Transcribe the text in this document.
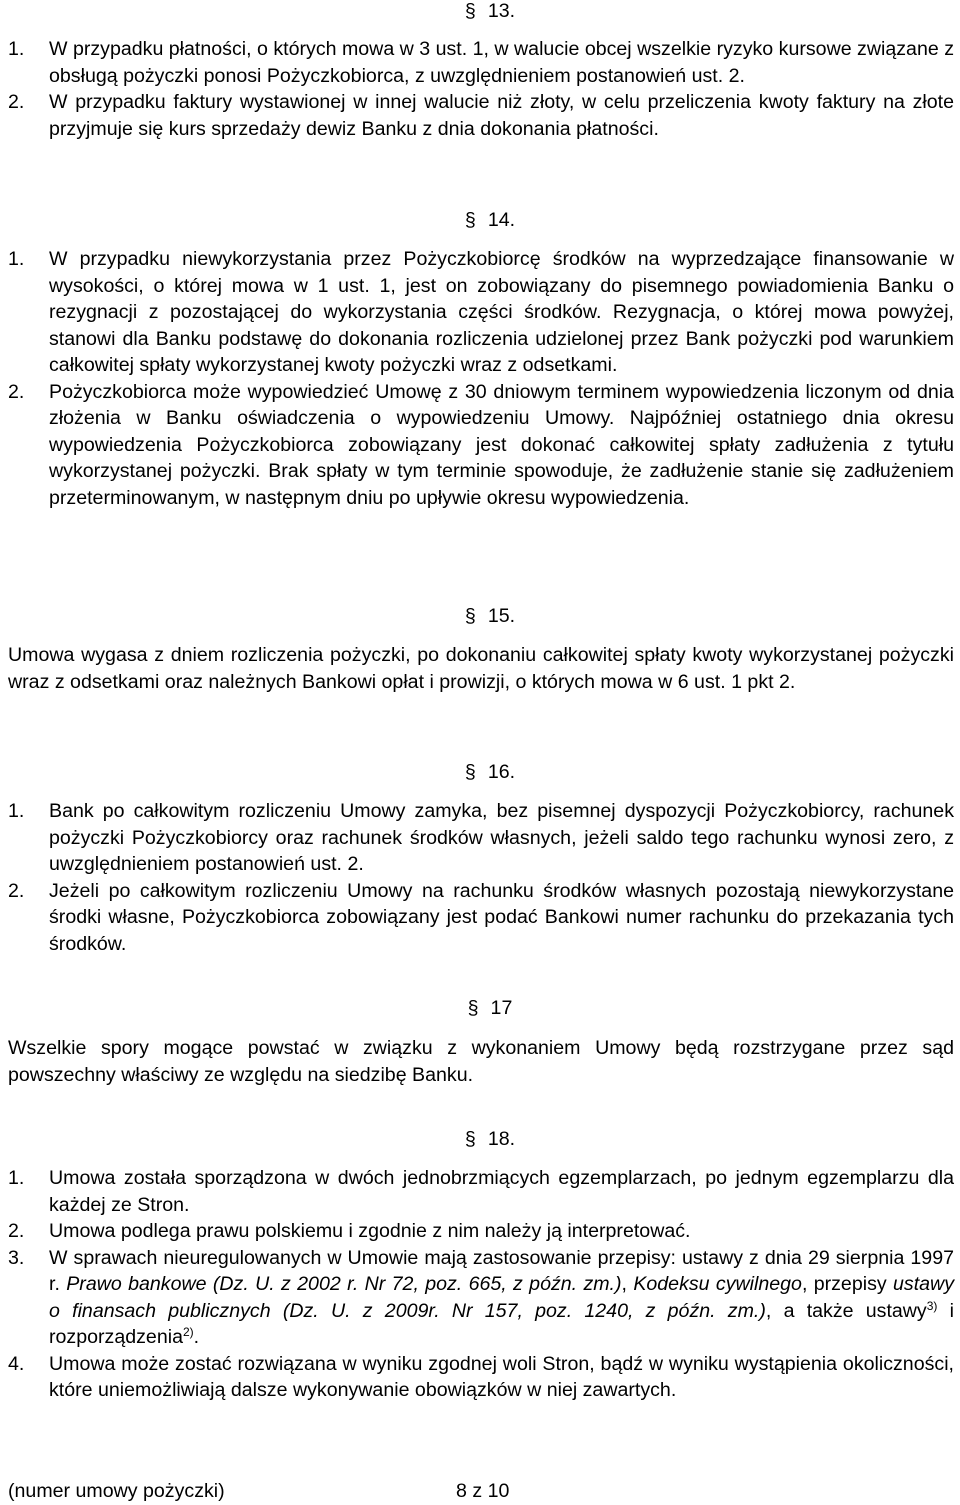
§ 13.
1. W przypadku płatności, o których mowa w 3 ust. 1, w walucie obcej wszelkie ryzyko kursowe związane z obsługą pożyczki ponosi Pożyczkobiorca, z uwzględnieniem postanowień ust. 2.
2. W przypadku faktury wystawionej w innej walucie niż złoty, w celu przeliczenia kwoty faktury na złote przyjmuje się kurs sprzedaży dewiz Banku z dnia dokonania płatności.
§ 14.
1. W przypadku niewykorzystania przez Pożyczkobiorcę środków na wyprzedzające finansowanie w wysokości, o której mowa w 1 ust. 1, jest on zobowiązany do pisemnego powiadomienia Banku o rezygnacji z pozostającej do wykorzystania części środków. Rezygnacja, o której mowa powyżej, stanowi dla Banku podstawę do dokonania rozliczenia udzielonej przez Bank pożyczki pod warunkiem całkowitej spłaty wykorzystanej kwoty pożyczki wraz z odsetkami.
2. Pożyczkobiorca może wypowiedzieć Umowę z 30 dniowym terminem wypowiedzenia liczonym od dnia złożenia w Banku oświadczenia o wypowiedzeniu Umowy. Najpóźniej ostatniego dnia okresu wypowiedzenia Pożyczkobiorca zobowiązany jest dokonać całkowitej spłaty zadłużenia z tytułu wykorzystanej pożyczki. Brak spłaty w tym terminie spowoduje, że zadłużenie stanie się zadłużeniem przeterminowanym, w następnym dniu po upływie okresu wypowiedzenia.
§ 15.
Umowa wygasa z dniem rozliczenia pożyczki, po dokonaniu całkowitej spłaty kwoty wykorzystanej pożyczki wraz z odsetkami oraz należnych Bankowi opłat i prowizji, o których mowa w 6 ust. 1 pkt 2.
§ 16.
1. Bank po całkowitym rozliczeniu Umowy zamyka, bez pisemnej dyspozycji Pożyczkobiorcy, rachunek pożyczki Pożyczkobiorcy oraz rachunek środków własnych, jeżeli saldo tego rachunku wynosi zero, z uwzględnieniem postanowień ust. 2.
2. Jeżeli po całkowitym rozliczeniu Umowy na rachunku środków własnych pozostają niewykorzystane środki własne, Pożyczkobiorca zobowiązany jest podać Bankowi numer rachunku do przekazania tych środków.
§ 17
Wszelkie spory mogące powstać w związku z wykonaniem Umowy będą rozstrzygane przez sąd powszechny właściwy ze względu na siedzibę Banku.
§ 18.
1. Umowa została sporządzona w dwóch jednobrzmiących egzemplarzach, po jednym egzemplarzu dla każdej ze Stron.
2. Umowa podlega prawu polskiemu i zgodnie z nim należy ją interpretować.
3. W sprawach nieuregulowanych w Umowie mają zastosowanie przepisy: ustawy z dnia 29 sierpnia 1997 r. Prawo bankowe (Dz. U. z 2002 r. Nr 72, poz. 665, z późn. zm.), Kodeksu cywilnego, przepisy ustawy o finansach publicznych (Dz. U. z 2009r. Nr 157, poz. 1240, z późn. zm.), a także ustawy$^{3)}$ i rozporządzenia$^{2)}$.
4. Umowa może zostać rozwiązana w wyniku zgodnej woli Stron, bądź w wyniku wystąpienia okoliczności, które uniemożliwiają dalsze wykonywanie obowiązków w niej zawartych.
(numer umowy pożyczki)	8 z 10
